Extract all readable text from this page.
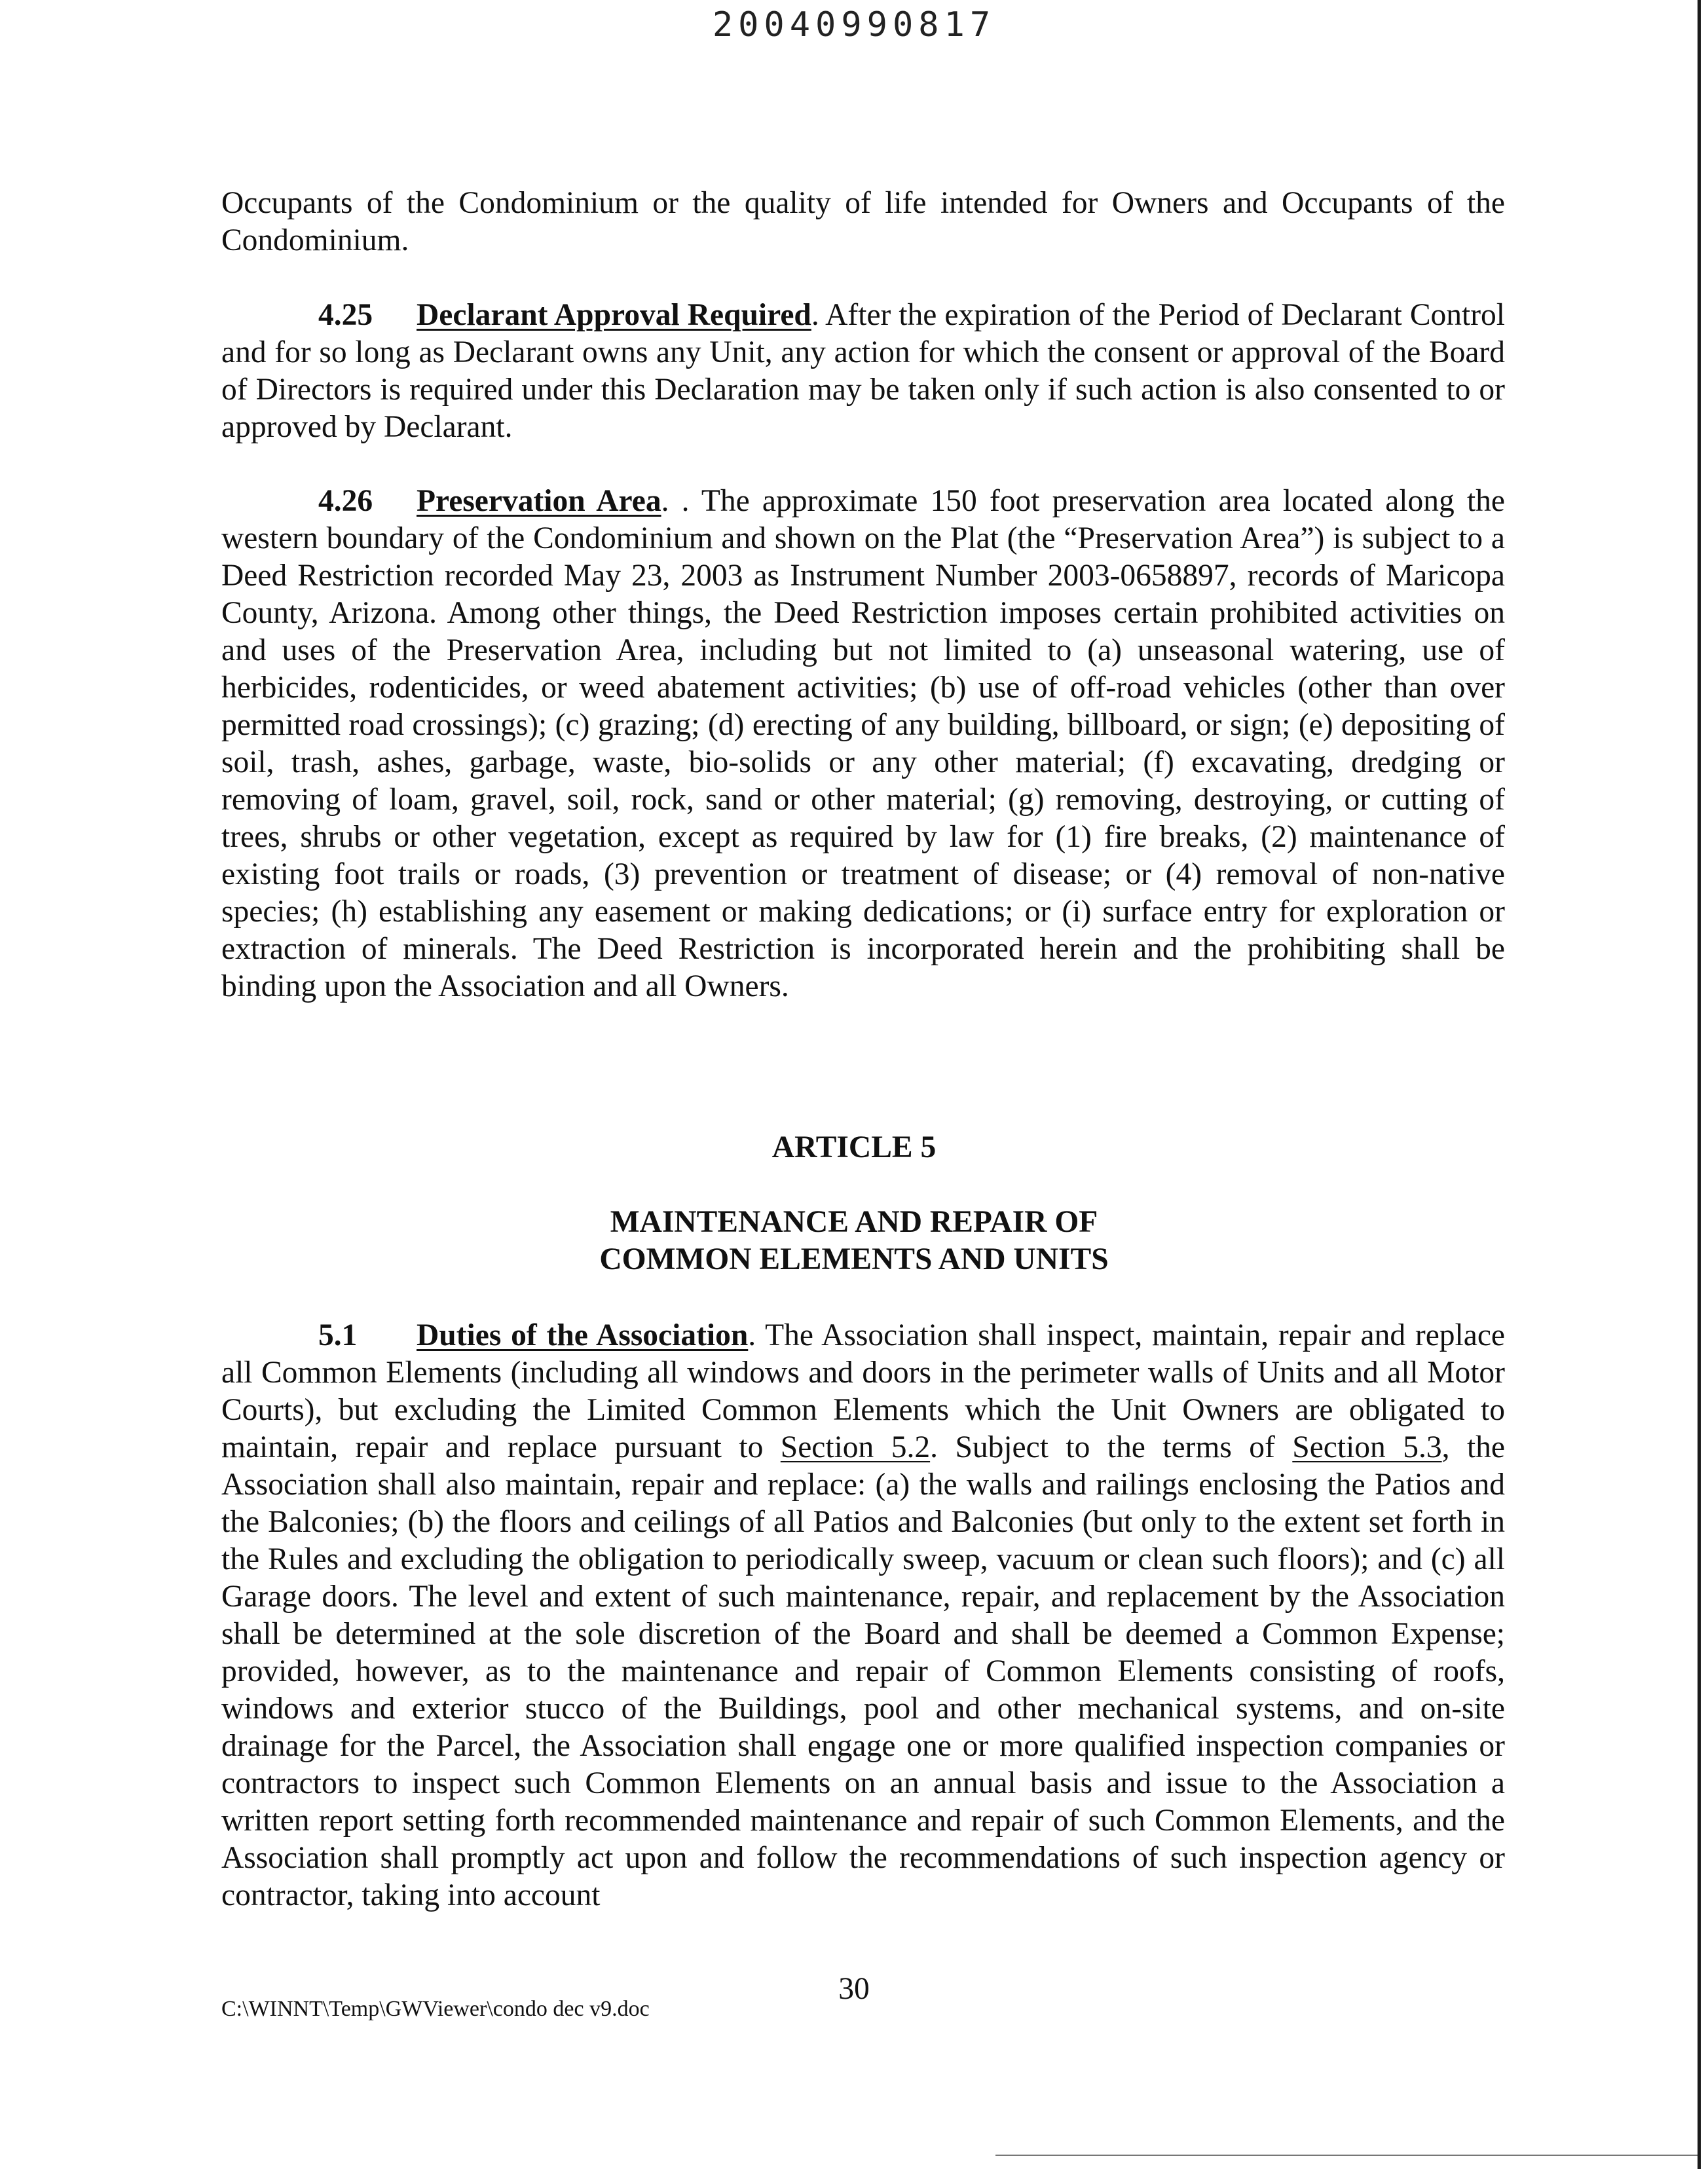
20040990817

Occupants of the Condominium or the quality of life intended for Owners and Occupants of the Condominium.

4.25 Declarant Approval Required. After the expiration of the Period of Declarant Control and for so long as Declarant owns any Unit, any action for which the consent or approval of the Board of Directors is required under this Declaration may be taken only if such action is also consented to or approved by Declarant.

4.26 Preservation Area. . The approximate 150 foot preservation area located along the western boundary of the Condominium and shown on the Plat (the “Preservation Area”) is subject to a Deed Restriction recorded May 23, 2003 as Instrument Number 2003-0658897, records of Maricopa County, Arizona. Among other things, the Deed Restriction imposes certain prohibited activities on and uses of the Preservation Area, including but not limited to (a) unseasonal watering, use of herbicides, rodenticides, or weed abatement activities; (b) use of off-road vehicles (other than over permitted road crossings); (c) grazing; (d) erecting of any building, billboard, or sign; (e) depositing of soil, trash, ashes, garbage, waste, bio-solids or any other material; (f) excavating, dredging or removing of loam, gravel, soil, rock, sand or other material; (g) removing, destroying, or cutting of trees, shrubs or other vegetation, except as required by law for (1) fire breaks, (2) maintenance of existing foot trails or roads, (3) prevention or treatment of disease; or (4) removal of non-native species; (h) establishing any easement or making dedications; or (i) surface entry for exploration or extraction of minerals. The Deed Restriction is incorporated herein and the prohibiting shall be binding upon the Association and all Owners.

ARTICLE 5
MAINTENANCE AND REPAIR OF
COMMON ELEMENTS AND UNITS

5.1 Duties of the Association. The Association shall inspect, maintain, repair and replace all Common Elements (including all windows and doors in the perimeter walls of Units and all Motor Courts), but excluding the Limited Common Elements which the Unit Owners are obligated to maintain, repair and replace pursuant to Section 5.2. Subject to the terms of Section 5.3, the Association shall also maintain, repair and replace: (a) the walls and railings enclosing the Patios and the Balconies; (b) the floors and ceilings of all Patios and Balconies (but only to the extent set forth in the Rules and excluding the obligation to periodically sweep, vacuum or clean such floors); and (c) all Garage doors. The level and extent of such maintenance, repair, and replacement by the Association shall be determined at the sole discretion of the Board and shall be deemed a Common Expense; provided, however, as to the maintenance and repair of Common Elements consisting of roofs, windows and exterior stucco of the Buildings, pool and other mechanical systems, and on-site drainage for the Parcel, the Association shall engage one or more qualified inspection companies or contractors to inspect such Common Elements on an annual basis and issue to the Association a written report setting forth recommended maintenance and repair of such Common Elements, and the Association shall promptly act upon and follow the recommendations of such inspection agency or contractor, taking into account

30
C:\WINNT\Temp\GWViewer\condo dec v9.doc
